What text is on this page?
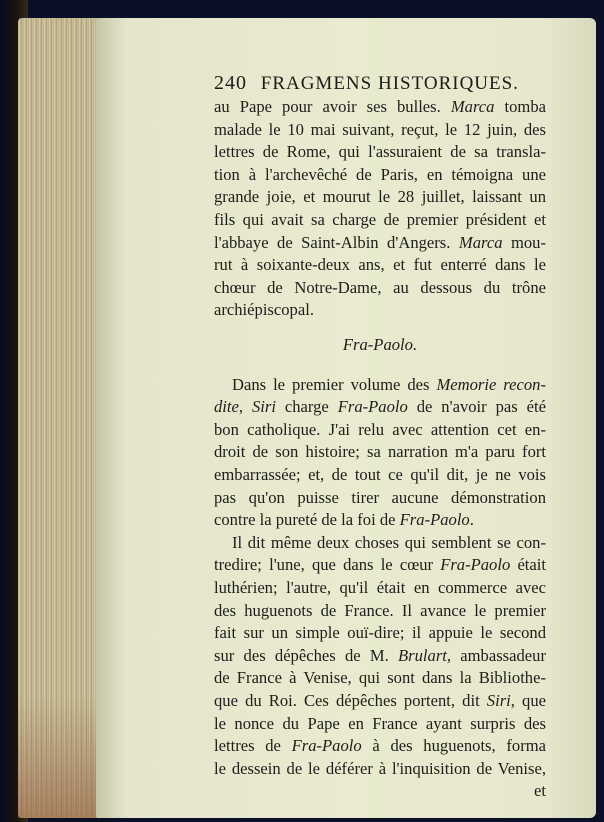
240 FRAGMENS HISTORIQUES.
au Pape pour avoir ses bulles. Marca tomba
malade le 10 mai suivant, reçut, le 12 juin, des
lettres de Rome, qui l'assuraient de sa transla-
tion à l'archevêché de Paris, en témoigna une
grande joie, et mourut le 28 juillet, laissant un
fils qui avait sa charge de premier président et
l'abbaye de Saint-Albin d'Angers. Marca mou-
rut à soixante-deux ans, et fut enterré dans le
chœur de Notre-Dame, au dessous du trône
archiépiscopal.
Fra-Paolo.
Dans le premier volume des Memorie recon-
dite, Siri charge Fra-Paolo de n'avoir pas été
bon catholique. J'ai relu avec attention cet en-
droit de son histoire; sa narration m'a paru fort
embarrassée; et, de tout ce qu'il dit, je ne vois
pas qu'on puisse tirer aucune démonstration
contre la pureté de la foi de Fra-Paolo.
Il dit même deux choses qui semblent se con-
tredire; l'une, que dans le cœur Fra-Paolo était
luthérien; l'autre, qu'il était en commerce avec
des huguenots de France. Il avance le premier
fait sur un simple ouï-dire; il appuie le second
sur des dépêches de M. Brulart, ambassadeur
de France à Venise, qui sont dans la Bibliothe-
que du Roi. Ces dépêches portent, dit Siri, que
le nonce du Pape en France ayant surpris des
lettres de Fra-Paolo à des huguenots, forma
le dessein de le déférer à l'inquisition de Venise,
et
